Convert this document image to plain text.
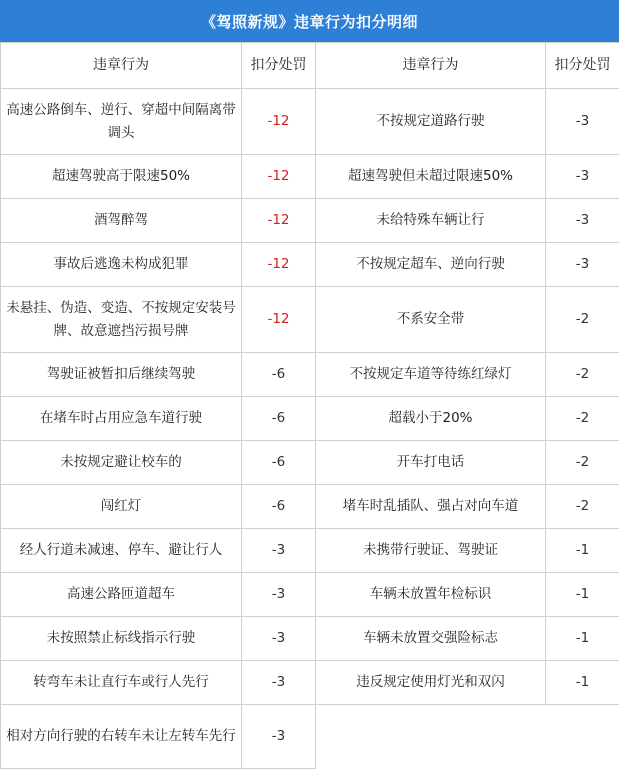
《驾照新规》违章行为扣分明细
违章行为	扣分处罚	违章行为	扣分处罚
高速公路倒车、逆行、穿超中间隔离带调头	-12	不按规定道路行驶	-3
超速驾驶高于限速50%	-12	超速驾驶但未超过限速50%	-3
酒驾醉驾	-12	未给特殊车辆让行	-3
事故后逃逸未构成犯罪	-12	不按规定超车、逆向行驶	-3
未悬挂、伪造、变造、不按规定安装号牌、故意遮挡污损号牌	-12	不系安全带	-2
驾驶证被暂扣后继续驾驶	-6	不按规定车道等待练红绿灯	-2
在堵车时占用应急车道行驶	-6	超载小于20%	-2
未按规定避让校车的	-6	开车打电话	-2
闯红灯	-6	堵车时乱插队、强占对向车道	-2
经人行道未减速、停车、避让行人	-3	未携带行驶证、驾驶证	-1
高速公路匝道超车	-3	车辆未放置年检标识	-1
未按照禁止标线指示行驶	-3	车辆未放置交强险标志	-1
转弯车未让直行车或行人先行	-3	违反规定使用灯光和双闪	-1
相对方向行驶的右转车未让左转车先行	-3		
